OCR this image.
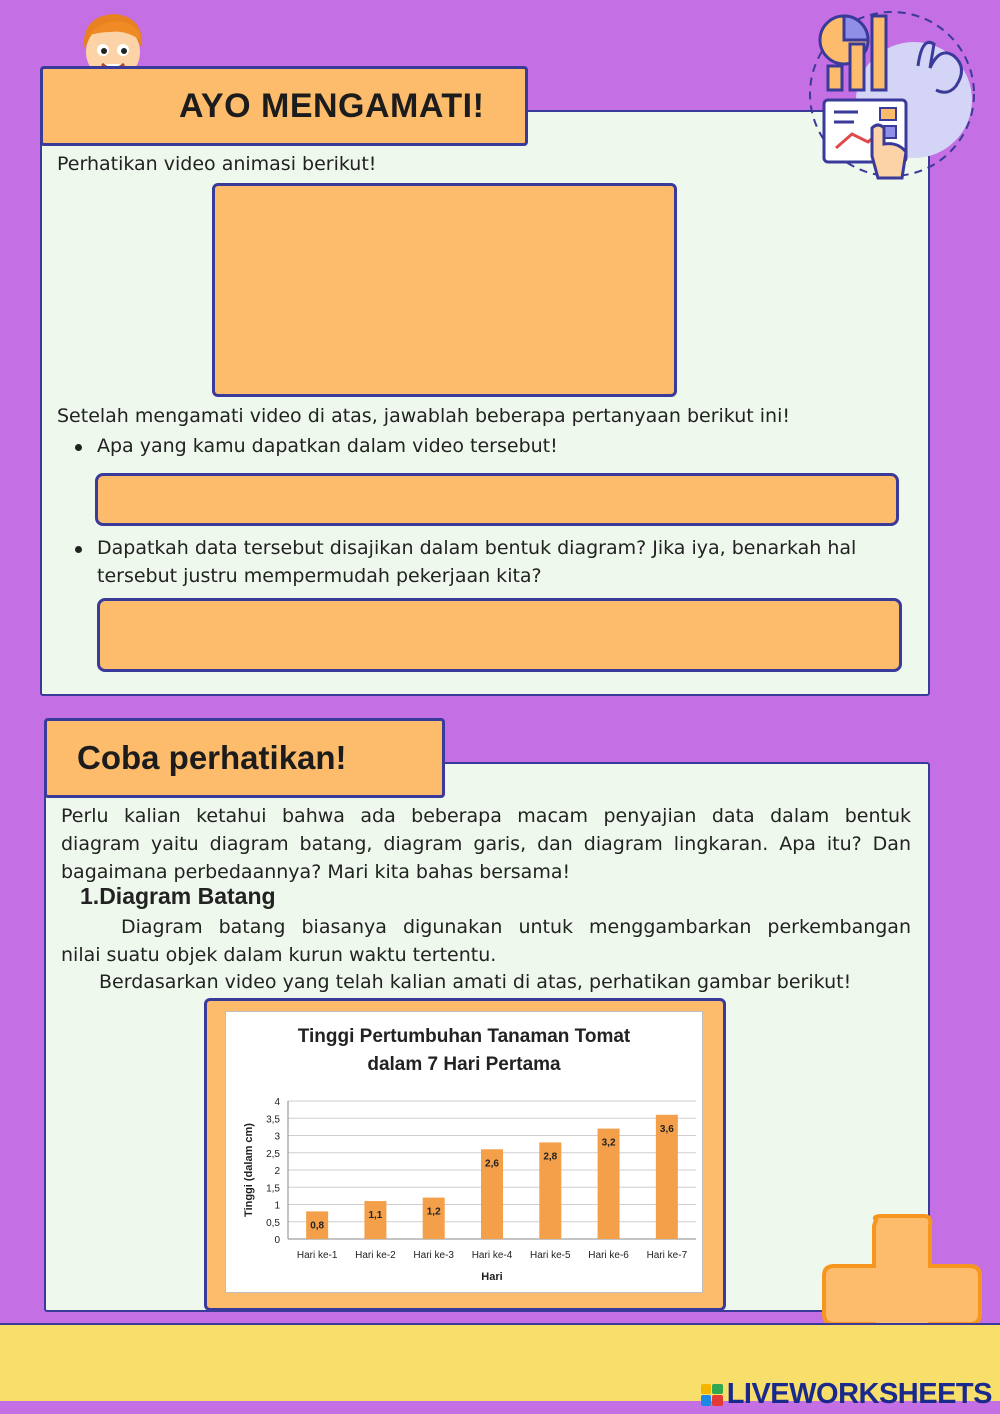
AYO MENGAMATI!
Perhatikan video animasi berikut!
Setelah mengamati video di atas, jawablah beberapa pertanyaan berikut ini!
Apa yang kamu dapatkan dalam video tersebut!
Dapatkah data tersebut disajikan dalam bentuk diagram? Jika iya, benarkah hal
tersebut justru mempermudah pekerjaan kita?
Coba perhatikan!
Perlu kalian ketahui bahwa ada beberapa macam penyajian data dalam bentuk
diagram yaitu diagram batang, diagram garis, dan diagram lingkaran. Apa itu? Dan
bagaimana perbedaannya? Mari kita bahas bersama!
1.Diagram Batang
Diagram batang biasanya digunakan untuk menggambarkan perkembangan
nilai suatu objek dalam kurun waktu tertentu.
Berdasarkan video yang telah kalian amati di atas, perhatikan gambar berikut!
Tinggi Pertumbuhan Tanaman Tomat
dalam 7 Hari Pertama
0
0,5
1
1,5
2
2,5
3
3,5
4
0,8
Hari ke-1
1,1
Hari ke-2
1,2
Hari ke-3
2,6
Hari ke-4
2,8
Hari ke-5
3,2
Hari ke-6
3,6
Hari ke-7
Hari
Tinggi (dalam cm)
LIVEWORKSHEETS
